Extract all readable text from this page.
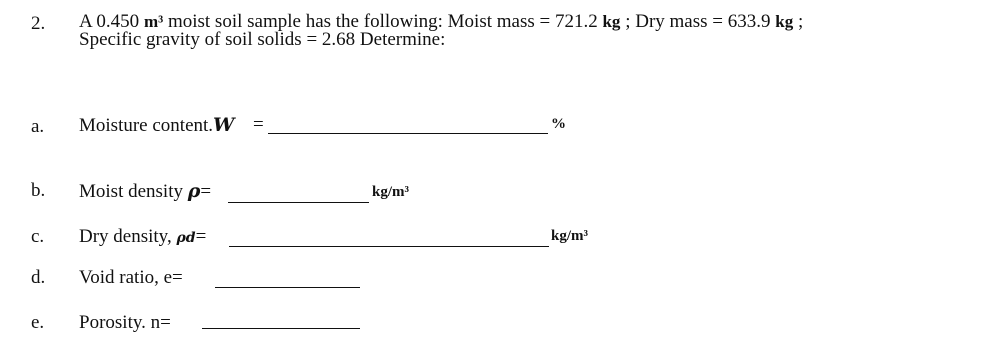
2. A 0.450 m³ moist soil sample has the following: Moist mass = 721.2 kg ; Dry mass = 633.9 kg ;
Specific gravity of soil solids = 2.68 Determine:
a. Moisture content.W =	%
b. Moist density ρ=	kg/m³
c. Dry density, ρd=	kg/m³
d. Void ratio, e=
e. Porosity. n=
